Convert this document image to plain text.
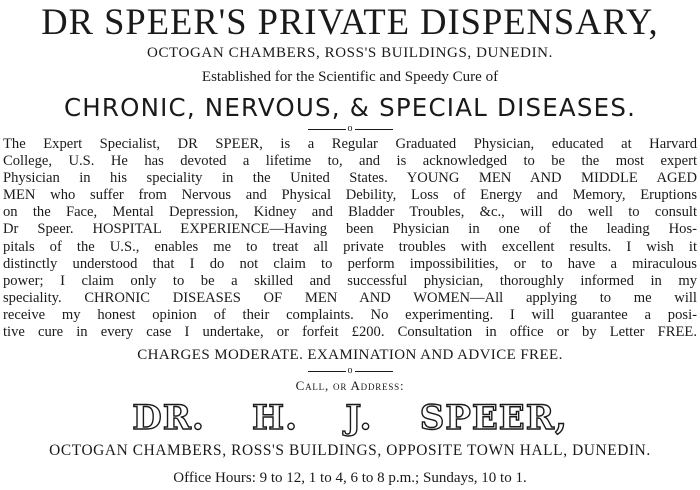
DR SPEER'S PRIVATE DISPENSARY,
OCTOGAN CHAMBERS, ROSS'S BUILDINGS, DUNEDIN.
Established for the Scientific and Speedy Cure of
CHRONIC, NERVOUS, & SPECIAL DISEASES.
o
The Expert Specialist, DR SPEER, is a Regular Graduated Physician, educated at Harvard
College, U.S. He has devoted a lifetime to, and is acknowledged to be the most expert
Physician in his speciality in the United States. YOUNG MEN AND MIDDLE AGED
MEN who suffer from Nervous and Physical Debility, Loss of Energy and Memory, Eruptions
on the Face, Mental Depression, Kidney and Bladder Troubles, &c., will do well to consult
Dr Speer. HOSPITAL EXPERIENCE—Having been Physician in one of the leading Hos-
pitals of the U.S., enables me to treat all private troubles with excellent results. I wish it
distinctly understood that I do not claim to perform impossibilities, or to have a miraculous
power; I claim only to be a skilled and successful physician, thoroughly informed in my
speciality. CHRONIC DISEASES OF MEN AND WOMEN—All applying to me will
receive my honest opinion of their complaints. No experimenting. I will guarantee a posi-
tive cure in every case I undertake, or forfeit £200. Consultation in office or by Letter FREE.
CHARGES MODERATE. EXAMINATION AND ADVICE FREE.
o
Call, or Address:
DR. H. J. SPEER,
OCTOGAN CHAMBERS, ROSS'S BUILDINGS, OPPOSITE TOWN HALL, DUNEDIN.
Office Hours: 9 to 12, 1 to 4, 6 to 8 p.m.; Sundays, 10 to 1.
